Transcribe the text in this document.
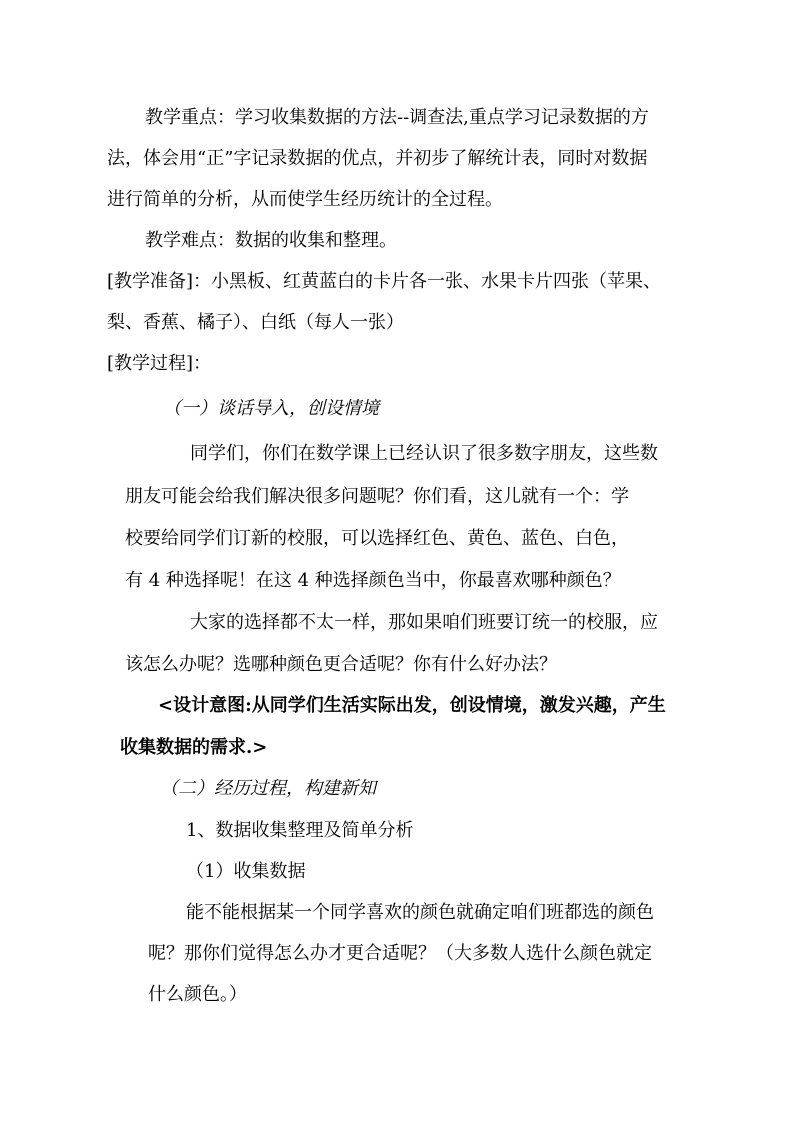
教学重点：学习收集数据的方法--调查法,重点学习记录数据的方
法，体会用“正”字记录数据的优点，并初步了解统计表，同时对数据
进行简单的分析，从而使学生经历统计的全过程。
教学难点：数据的收集和整理。
[教学准备]：小黑板、红黄蓝白的卡片各一张、水果卡片四张（苹果、
梨、香蕉、橘子）、白纸（每人一张）
[教学过程]：
（一）谈话导入，创设情境
同学们，你们在数学课上已经认识了很多数字朋友，这些数
朋友可能会给我们解决很多问题呢？你们看，这儿就有一个：学
校要给同学们订新的校服，可以选择红色、黄色、蓝色、白色，
有 4 种选择呢！在这 4 种选择颜色当中，你最喜欢哪种颜色？
大家的选择都不太一样，那如果咱们班要订统一的校服，应
该怎么办呢？选哪种颜色更合适呢？你有什么好办法？
<设计意图:从同学们生活实际出发，创设情境，激发兴趣，产生
收集数据的需求.>
（二）经历过程，构建新知
1、数据收集整理及简单分析
（1）收集数据
能不能根据某一个同学喜欢的颜色就确定咱们班都选的颜色
呢？那你们觉得怎么办才更合适呢？（大多数人选什么颜色就定
什么颜色。）
